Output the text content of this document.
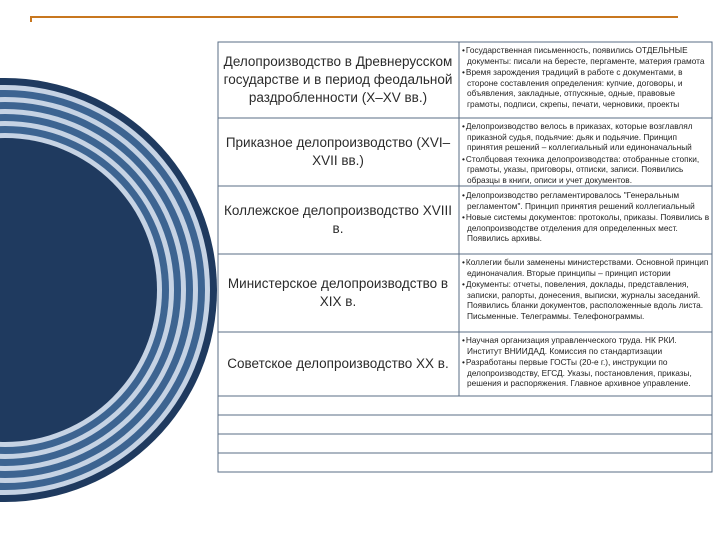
Делопроизводство в Древнерусском государстве и в период феодальной раздробленности (X–XV вв.)
• Государственная письменность, появились ОТДЕЛЬНЫЕ документы: писали на бересте, пергаменте, материя грамота
• Время зарождения традиций в работе с документами, в стороне составления определения: купчие, договоры, и объявления, закладные, отпускные, одные, правовые грамоты, подписи, скрепы, печати, черновики, проекты
Приказное делопроизводство (XVI–XVII вв.)
• Делопроизводство велось в приказах, которые возглавлял приказной судья, подьячие: дьяк и подьячие. Принцип принятия решений – коллегиальный или единоначальный
• Столбцовая техника делопроизводства: отобранные стопки, грамоты, указы, приговоры, отписки, записи. Появились образцы в книги, описи и учет документов.
Коллежское делопроизводство XVIII в.
• Делопроизводство регламентировалось "Генеральным регламентом". Принцип принятия решений коллегиальный
• Новые системы документов: протоколы, приказы. Появились в делопроизводстве отделения для определенных мест. Появились архивы.
Министерское делопроизводство в XIX в.
• Коллегии были заменены министерствами. Основной принцип единоначалия. Вторые принципы – принцип истории
• Документы: отчеты, повеления, доклады, представления, записки, рапорты, донесения, выписки, журналы заседаний. Появились бланки документов, расположенные вдоль листа. Письменные. Телеграммы. Телефонограммы.
Советское делопроизводство XX в.
• Научная организация управленческого труда. НК РКИ. Институт ВНИИДАД. Комиссия по стандартизации
• Разработаны первые ГОСТы (20-е г.), инструкции по делопроизводству, ЕГСД. Указы, постановления, приказы, решения и распоряжения. Главное архивное управление.
